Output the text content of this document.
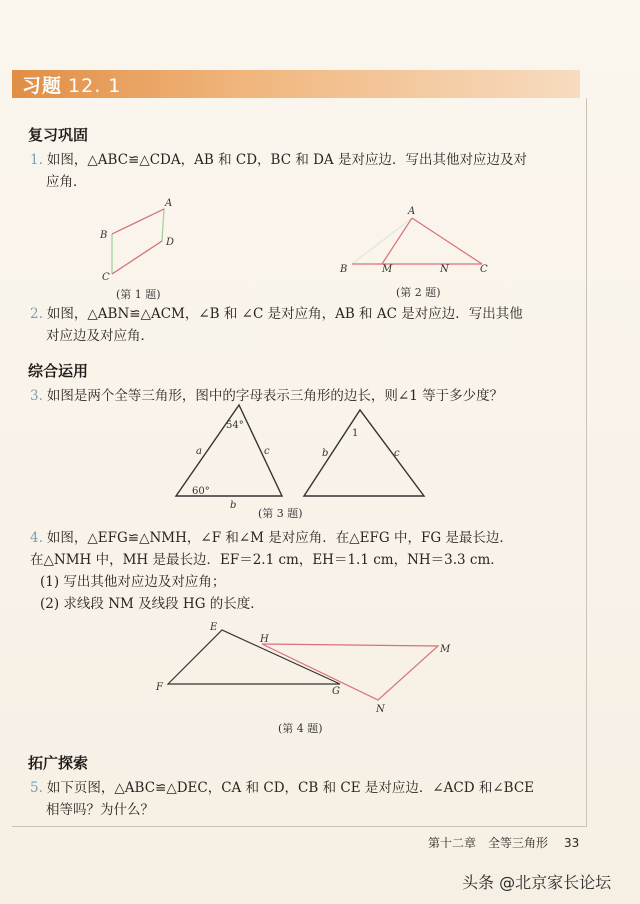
习题 12. 1
复习巩固
1. 如图，△ABC≌△CDA，AB 和 CD，BC 和 DA 是对应边．写出其他对应边及对
应角．
(第 1 题)	(第 2 题)
2. 如图，△ABN≌△ACM，∠B 和 ∠C 是对应角，AB 和 AC 是对应边．写出其他
对应边及对应角．
综合运用
3. 如图是两个全等三角形，图中的字母表示三角形的边长，则∠1 等于多少度？
(第 3 题)
4. 如图，△EFG≌△NMH，∠F 和∠M 是对应角．在△EFG 中，FG 是最长边．
在△NMH 中，MH 是最长边．EF＝2.1 cm，EH＝1.1 cm，NH＝3.3 cm．
(1) 写出其他对应边及对应角；
(2) 求线段 NM 及线段 HG 的长度．
(第 4 题)
拓广探索
5. 如下页图，△ABC≌△DEC，CA 和 CD，CB 和 CE 是对应边．∠ACD 和∠BCE
相等吗？为什么？
第十二章　全等三角形 33
头条 @北京家长论坛
A
B
C
D
A
B	M	N	C
54°
60°
a
b
c
1
b	c
E
H
M
F	G
N
